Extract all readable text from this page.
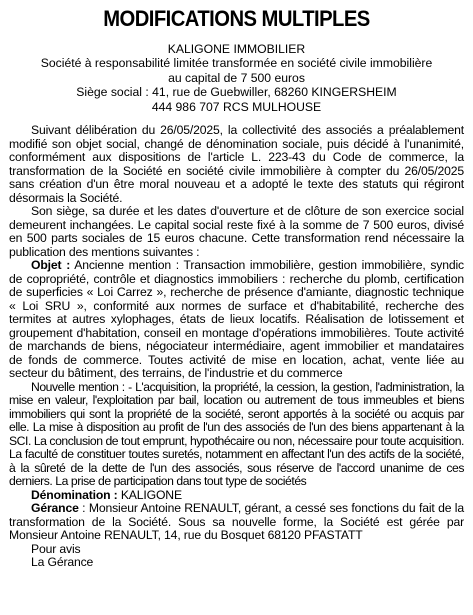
MODIFICATIONS MULTIPLES
KALIGONE IMMOBILIER
Société à responsabilité limitée transformée en société civile immobilière
au capital de 7 500 euros
Siège social : 41, rue de Guebwiller, 68260 KINGERSHEIM
444 986 707 RCS MULHOUSE

Suivant délibération du 26/05/2025, la collectivité des associés a préalablement modifié son objet social, changé de dénomination sociale, puis décidé à l'unanimité, conformément aux dispositions de l'article L. 223-43 du Code de commerce, la transformation de la Société en société civile immobilière à compter du 26/05/2025 sans création d'un être moral nouveau et a adopté le texte des statuts qui régiront désormais la Société.

Son siège, sa durée et les dates d'ouverture et de clôture de son exercice social demeurent inchangées. Le capital social reste fixé à la somme de 7 500 euros, divisé en 500 parts sociales de 15 euros chacune. Cette transformation rend nécessaire la publication des mentions suivantes :

Objet : Ancienne mention : Transaction immobilière, gestion immobilière, syndic de copropriété, contrôle et diagnostics immobiliers : recherche du plomb, certification de superficies « Loi Carrez », recherche de présence d'amiante, diagnostic technique « Loi SRU », conformité aux normes de surface et d'habitabilité, recherche des termites at autres xylophages, états de lieux locatifs. Réalisation de lotissement et groupement d'habitation, conseil en montage d'opérations immobilières. Toute activité de marchands de biens, négociateur intermédiaire, agent immobilier et mandataires de fonds de commerce. Toutes activité de mise en location, achat, vente liée au secteur du bâtiment, des terrains, de l'industrie et du commerce

Nouvelle mention : - L'acquisition, la propriété, la cession, la gestion, l'administration, la mise en valeur, l'exploitation par bail, location ou autrement de tous immeubles et biens immobiliers qui sont la propriété de la société, seront apportés à la société ou acquis par elle. La mise à disposition au profit de l'un des associés de l'un des biens appartenant à la SCI. La conclusion de tout emprunt, hypothécaire ou non, nécessaire pour toute acquisition. La faculté de constituer toutes suretés, notamment en affectant l'un des actifs de la société, à la sûreté de la dette de l'un des associés, sous réserve de l'accord unanime de ces derniers. La prise de participation dans tout type de sociétés

Dénomination : KALIGONE

Gérance : Monsieur Antoine RENAULT, gérant, a cessé ses fonctions du fait de la transformation de la Société. Sous sa nouvelle forme, la Société est gérée par Monsieur Antoine RENAULT, 14, rue du Bosquet 68120 PFASTATT

Pour avis
La Gérance
